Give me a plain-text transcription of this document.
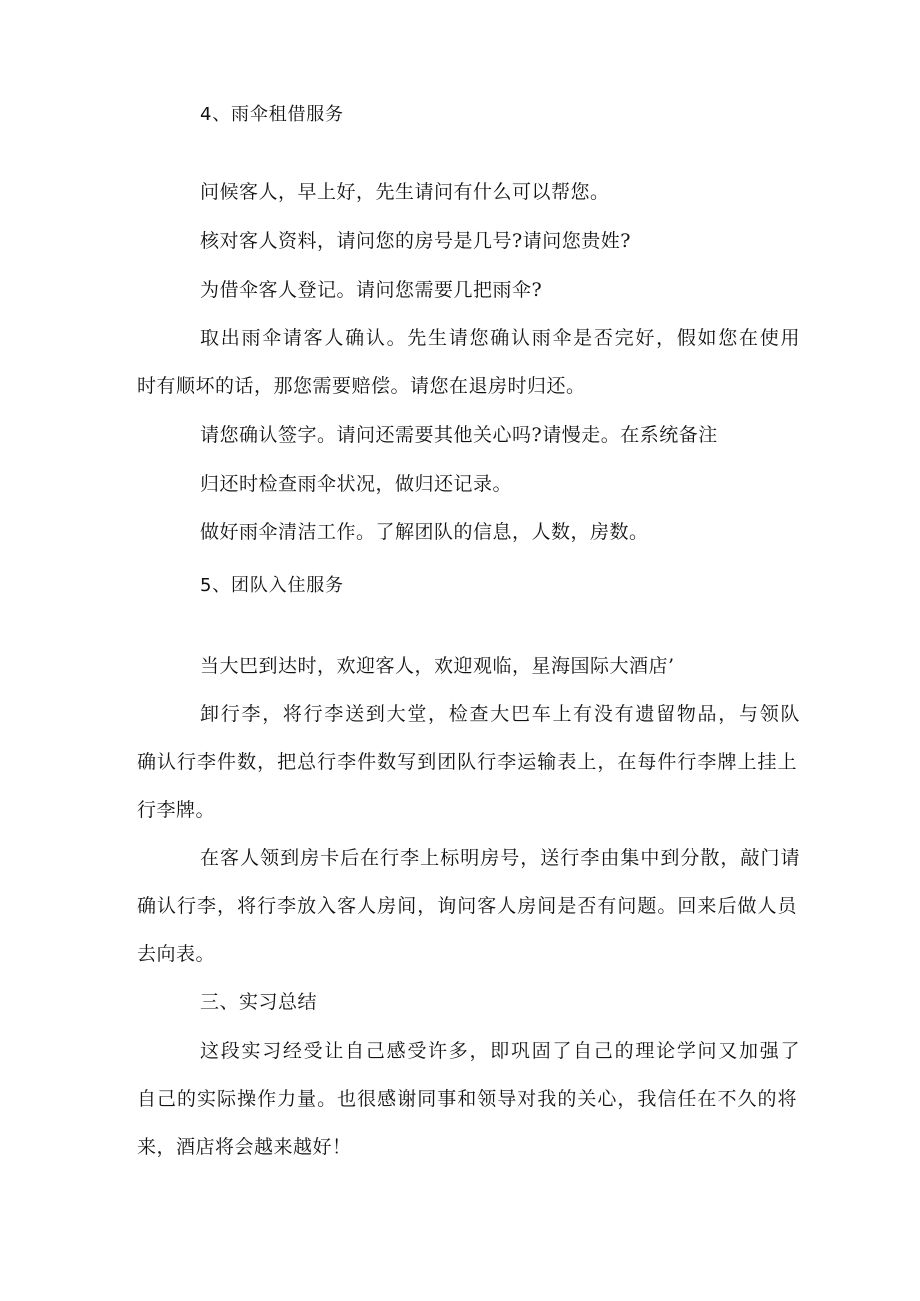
4、雨伞租借服务
问候客人，早上好，先生请问有什么可以帮您。
核对客人资料，请问您的房号是几号?请问您贵姓?
为借伞客人登记。请问您需要几把雨伞?
取出雨伞请客人确认。先生请您确认雨伞是否完好，假如您在使用
时有顺坏的话，那您需要赔偿。请您在退房时归还。
请您确认签字。请问还需要其他关心吗?请慢走。在系统备注
归还时检查雨伞状况，做归还记录。
做好雨伞清洁工作。了解团队的信息，人数，房数。
5、团队入住服务
当大巴到达时，欢迎客人，欢迎观临，星海国际大酒店’
卸行李，将行李送到大堂，检查大巴车上有没有遗留物品，与领队
确认行李件数，把总行李件数写到团队行李运输表上，在每件行李牌上挂上
行李牌。
在客人领到房卡后在行李上标明房号，送行李由集中到分散，敲门请
确认行李，将行李放入客人房间，询问客人房间是否有问题。回来后做人员
去向表。
三、实习总结
这段实习经受让自己感受许多，即巩固了自己的理论学问又加强了
自己的实际操作力量。也很感谢同事和领导对我的关心，我信任在不久的将
来，酒店将会越来越好！
